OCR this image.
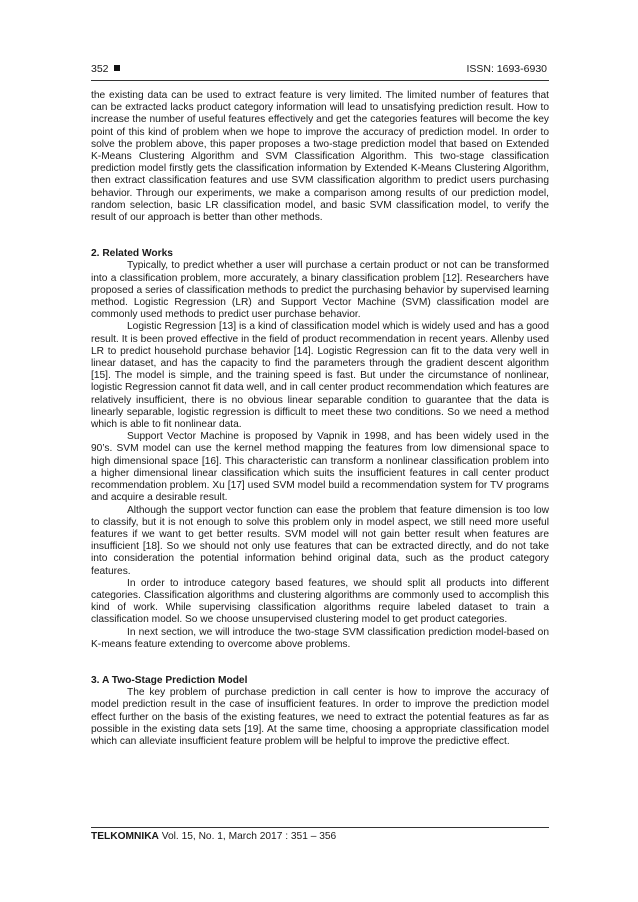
352	ISSN: 1693-6930

the existing data can be used to extract feature is very limited. The limited number of features that can be extracted lacks product category information will lead to unsatisfying prediction result. How to increase the number of useful features effectively and get the categories features will become the key point of this kind of problem when we hope to improve the accuracy of prediction model. In order to solve the problem above, this paper proposes a two-stage prediction model that based on Extended K-Means Clustering Algorithm and SVM Classification Algorithm. This two-stage classification prediction model firstly gets the classification information by Extended K-Means Clustering Algorithm, then extract classification features and use SVM classification algorithm to predict users purchasing behavior. Through our experiments, we make a comparison among results of our prediction model, random selection, basic LR classification model, and basic SVM classification model, to verify the result of our approach is better than other methods.

2. Related Works

Typically, to predict whether a user will purchase a certain product or not can be transformed into a classification problem, more accurately, a binary classification problem [12]. Researchers have proposed a series of classification methods to predict the purchasing behavior by supervised learning method. Logistic Regression (LR) and Support Vector Machine (SVM) classification model are commonly used methods to predict user purchase behavior.

Logistic Regression [13] is a kind of classification model which is widely used and has a good result. It is been proved effective in the field of product recommendation in recent years. Allenby used LR to predict household purchase behavior [14]. Logistic Regression can fit to the data very well in linear dataset, and has the capacity to find the parameters through the gradient descent algorithm [15]. The model is simple, and the training speed is fast. But under the circumstance of nonlinear, logistic Regression cannot fit data well, and in call center product recommendation which features are relatively insufficient, there is no obvious linear separable condition to guarantee that the data is linearly separable, logistic regression is difficult to meet these two conditions. So we need a method which is able to fit nonlinear data.

Support Vector Machine is proposed by Vapnik in 1998, and has been widely used in the 90’s. SVM model can use the kernel method mapping the features from low dimensional space to high dimensional space [16]. This characteristic can transform a nonlinear classification problem into a higher dimensional linear classification which suits the insufficient features in call center product recommendation problem. Xu [17] used SVM model build a recommendation system for TV programs and acquire a desirable result.

Although the support vector function can ease the problem that feature dimension is too low to classify, but it is not enough to solve this problem only in model aspect, we still need more useful features if we want to get better results. SVM model will not gain better result when features are insufficient [18]. So we should not only use features that can be extracted directly, and do not take into consideration the potential information behind original data, such as the product category features.

In order to introduce category based features, we should split all products into different categories. Classification algorithms and clustering algorithms are commonly used to accomplish this kind of work. While supervising classification algorithms require labeled dataset to train a classification model. So we choose unsupervised clustering model to get product categories.

In next section, we will introduce the two-stage SVM classification prediction model-based on K-means feature extending to overcome above problems.

3. A Two-Stage Prediction Model

The key problem of purchase prediction in call center is how to improve the accuracy of model prediction result in the case of insufficient features. In order to improve the prediction model effect further on the basis of the existing features, we need to extract the potential features as far as possible in the existing data sets [19]. At the same time, choosing a appropriate classification model which can alleviate insufficient feature problem will be helpful to improve the predictive effect.

TELKOMNIKA Vol. 15, No. 1, March 2017 : 351 – 356
